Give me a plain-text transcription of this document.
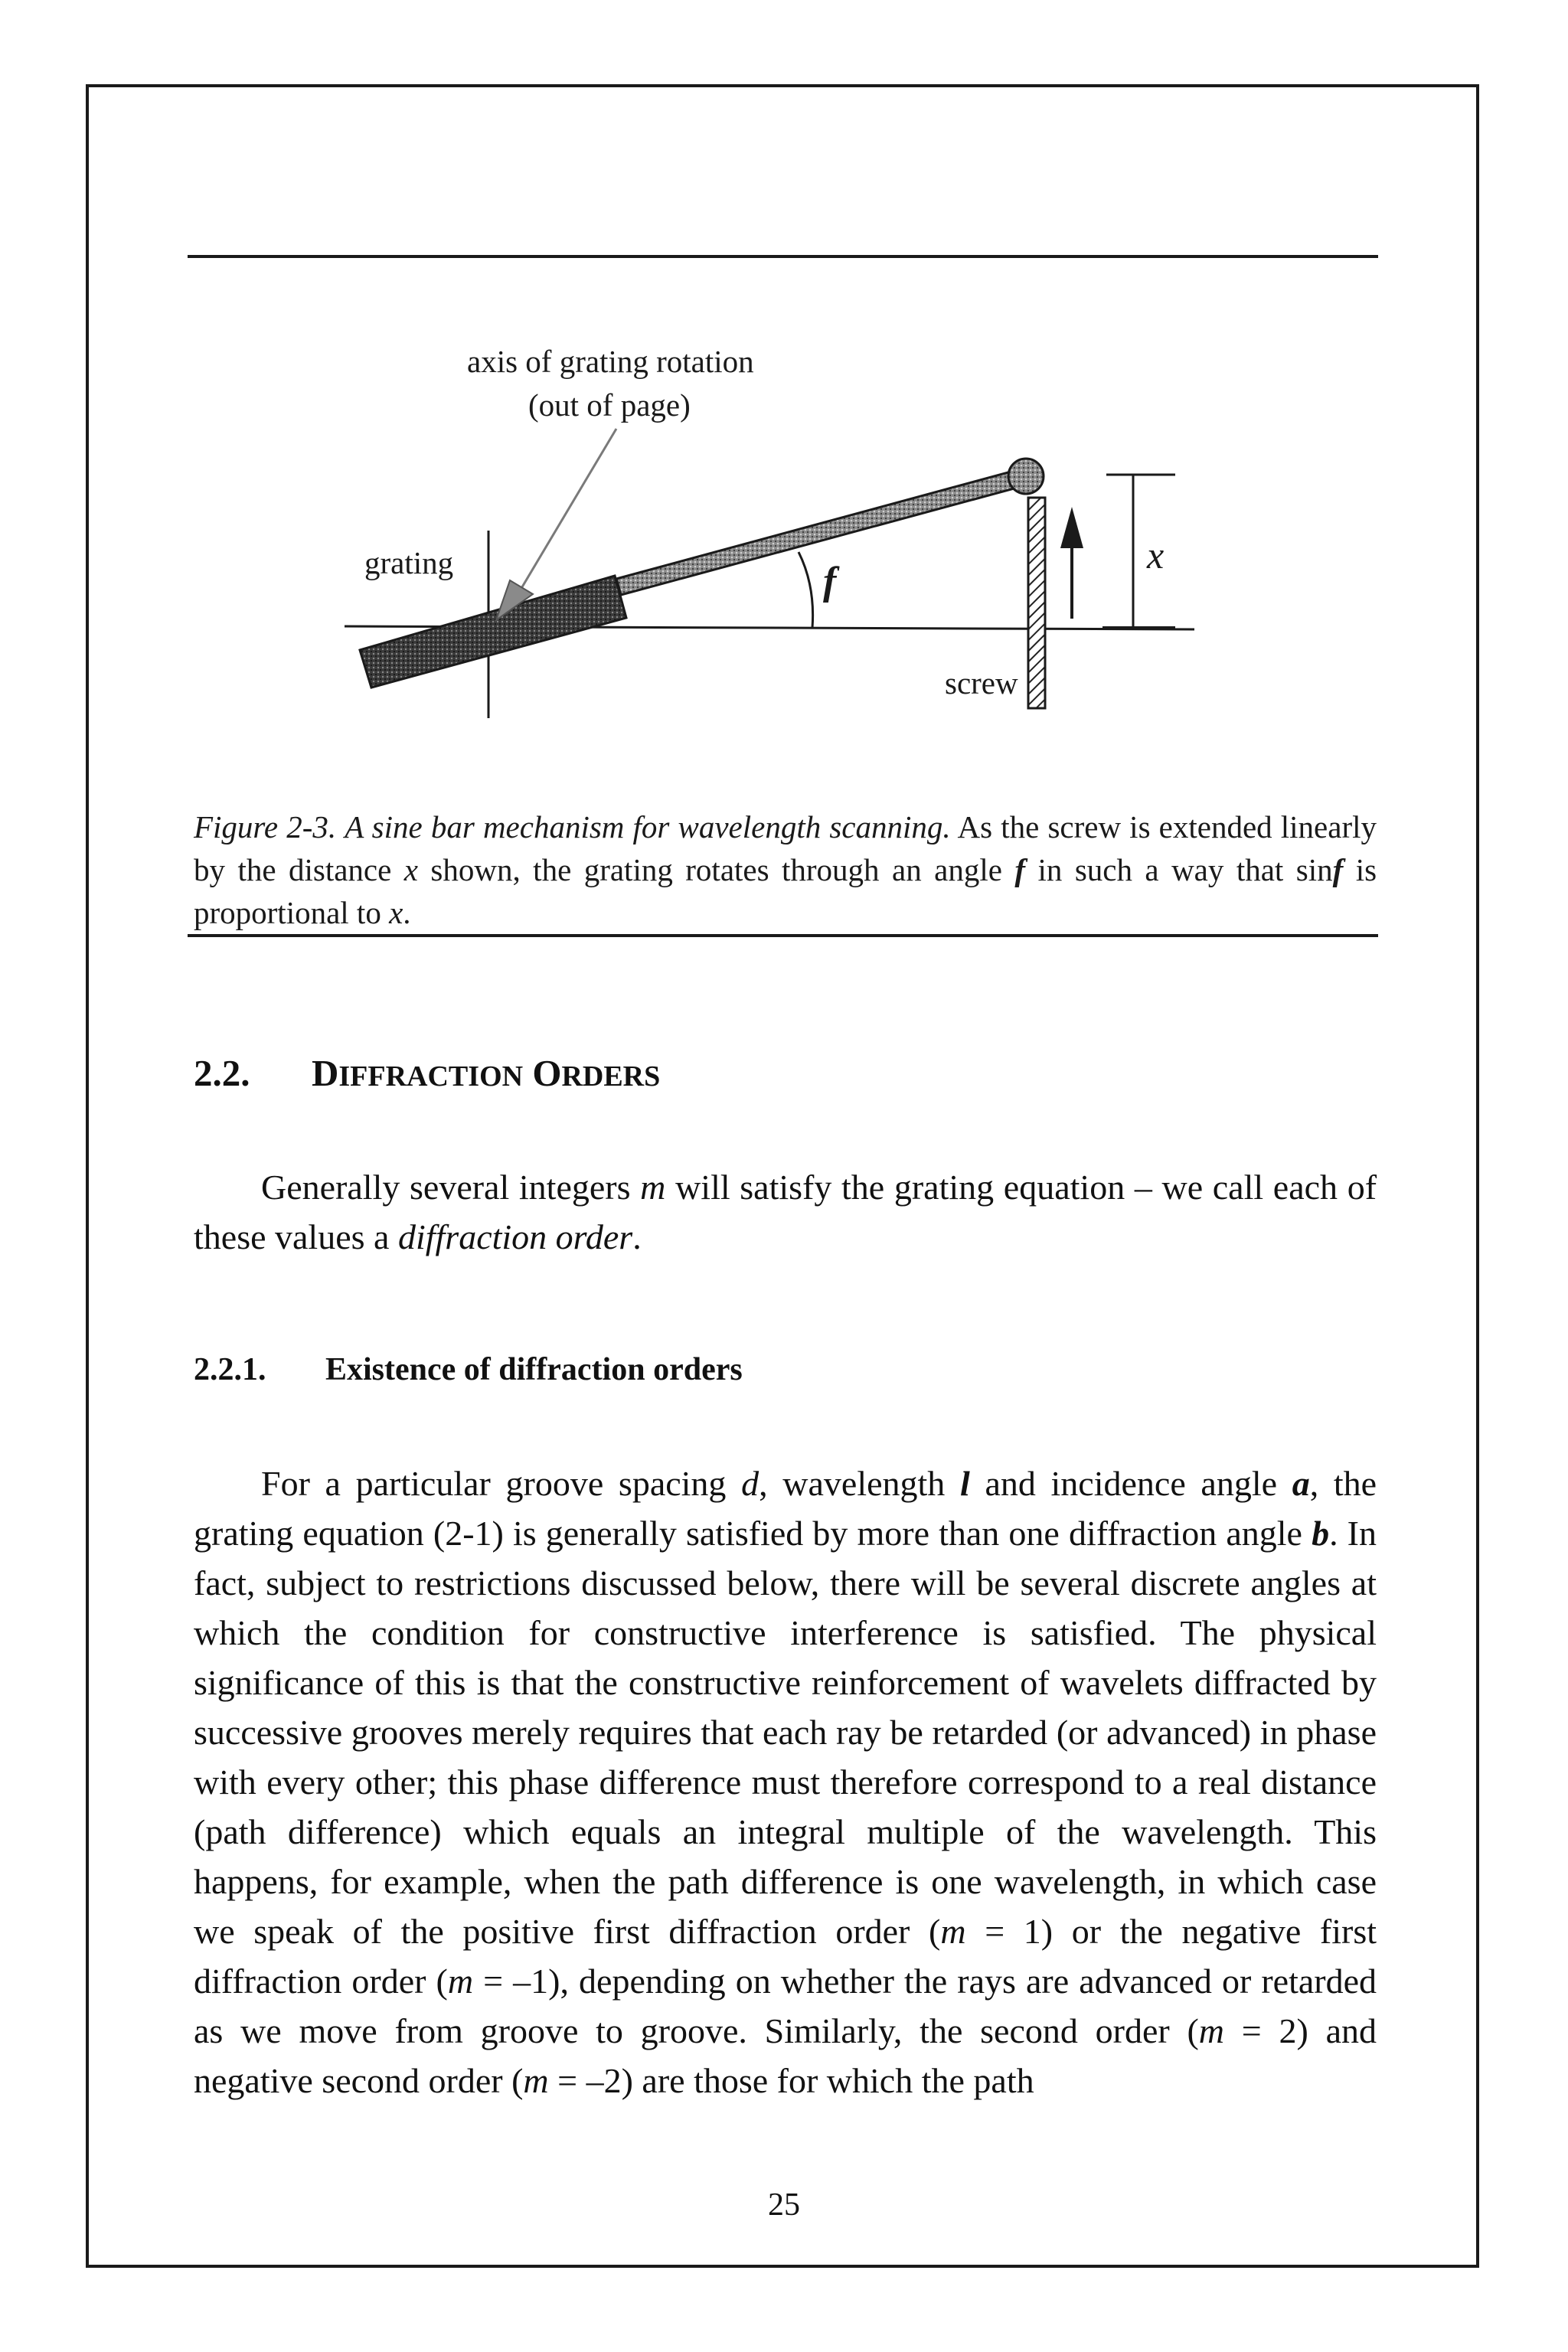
axis of grating rotation
(out of page)
grating
screw
f
x
Figure 2-3. A sine bar mechanism for wavelength scanning. As the screw is extended linearly by the distance x shown, the grating rotates through an angle f in such a way that sinf is proportional to x.
2.2. DIFFRACTION ORDERS
Generally several integers m will satisfy the grating equation – we call each of these values a diffraction order.
2.2.1. Existence of diffraction orders
For a particular groove spacing d, wavelength l and incidence angle a, the grating equation (2-1) is generally satisfied by more than one diffraction angle b. In fact, subject to restrictions discussed below, there will be several discrete angles at which the condition for constructive interference is satisfied. The physical significance of this is that the constructive reinforcement of wavelets diffracted by successive grooves merely requires that each ray be retarded (or advanced) in phase with every other; this phase difference must therefore correspond to a real distance (path difference) which equals an integral multiple of the wavelength. This happens, for example, when the path difference is one wavelength, in which case we speak of the positive first diffraction order (m = 1) or the negative first diffraction order (m = –1), depending on whether the rays are advanced or retarded as we move from groove to groove. Similarly, the second order (m = 2) and negative second order (m = –2) are those for which the path
25
